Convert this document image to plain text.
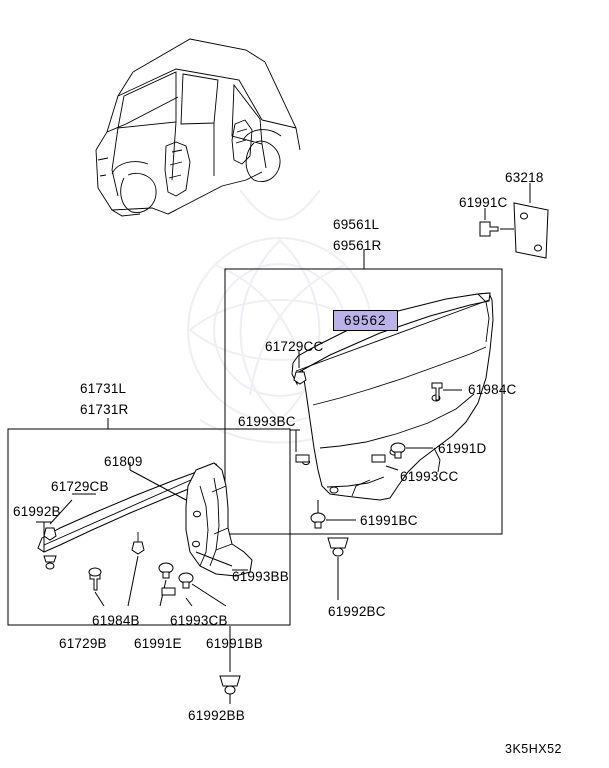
69561L
69561R
63218
61991C
69562
61729CC
61984C
61993BC
61991D
61993CC
61991BC
61992BC
61731L
61731R
61809
61729CB
61992B
61993BB
61984B 61993CB
61729B 61991E 61991BB
61992BB
3K5HX52
